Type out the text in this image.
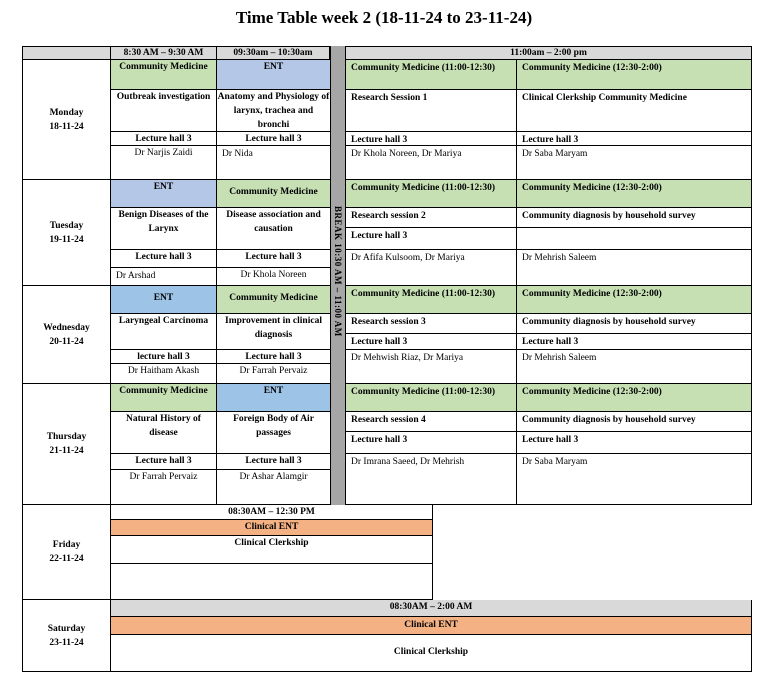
Time Table week 2 (18-11-24 to 23-11-24)
8:30 AM – 9:30 AM	09:30am – 10:30am	11:00am – 2:00 pm
BREAK 10:30 AM – 11:00 AM
Monday
18-11-24
Community Medicine
Outbreak investigation
Lecture hall 3
Dr Narjis Zaidi
ENT
Anatomy and Physiology of larynx, trachea and bronchi
Lecture hall 3
Dr Nida
Community Medicine (11:00-12:30)
Research Session 1
Lecture hall 3
Dr Khola Noreen, Dr Mariya
Community Medicine (12:30-2:00)
Clinical Clerkship Community Medicine
Lecture hall 3
Dr Saba Maryam
Tuesday
19-11-24
ENT
Benign Diseases of the Larynx
Lecture hall 3
Dr Arshad
Community Medicine
Disease association and causation
Lecture hall 3
Dr Khola Noreen
Community Medicine (11:00-12:30)
Research session 2
Lecture hall 3
Dr Afifa Kulsoom, Dr Mariya
Community Medicine (12:30-2:00)
Community diagnosis by household survey
Dr Mehrish Saleem
Wednesday
20-11-24
ENT
Laryngeal Carcinoma
lecture hall 3
Dr Haitham Akash
Community Medicine
Improvement in clinical diagnosis
Lecture hall 3
Dr Farrah Pervaiz
Community Medicine (11:00-12:30)
Research session 3
Lecture hall 3
Dr Mehwish Riaz, Dr Mariya
Community Medicine (12:30-2:00)
Community diagnosis by household survey
Lecture hall 3
Dr Mehrish Saleem
Thursday
21-11-24
Community Medicine
Natural History of disease
Lecture hall 3
Dr Farrah Pervaiz
ENT
Foreign Body of Air passages
Lecture hall 3
Dr Ashar Alamgir
Community Medicine (11:00-12:30)
Research session 4
Lecture hall 3
Dr Imrana Saeed, Dr Mehrish
Community Medicine (12:30-2:00)
Community diagnosis by household survey
Lecture hall 3
Dr Saba Maryam
Friday
22-11-24
08:30AM – 12:30 PM
Clinical ENT
Clinical Clerkship
Saturday
23-11-24
08:30AM – 2:00 AM
Clinical ENT
Clinical Clerkship
